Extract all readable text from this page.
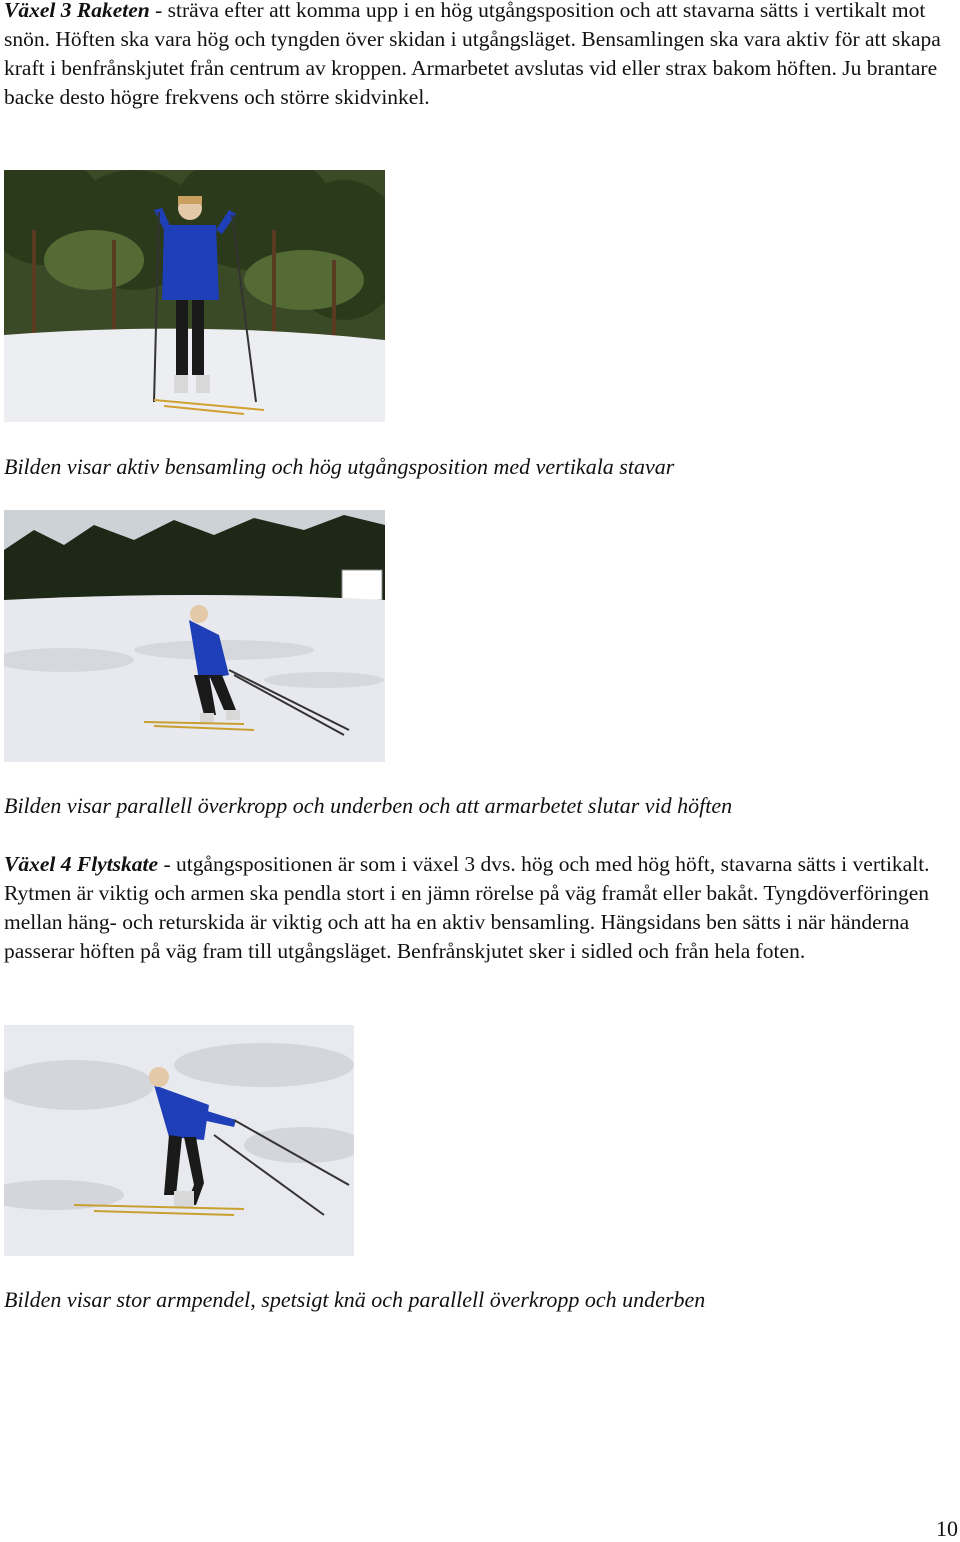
Växel 3 Raketen - sträva efter att komma upp i en hög utgångsposition och att stavarna sätts i vertikalt mot snön. Höften ska vara hög och tyngden över skidan i utgångsläget. Bensamlingen ska vara aktiv för att skapa kraft i benfrånskjutet från centrum av kroppen. Armarbetet avslutas vid eller strax bakom höften. Ju brantare backe desto högre frekvens och större skidvinkel.

Bilden visar aktiv bensamling och hög utgångsposition med vertikala stavar

Bilden visar parallell överkropp och underben och att armarbetet slutar vid höften

Växel 4 Flytskate - utgångspositionen är som i växel 3 dvs. hög och med hög höft, stavarna sätts i vertikalt. Rytmen är viktig och armen ska pendla stort i en jämn rörelse på väg framåt eller bakåt. Tyngdöverföringen mellan häng- och returskida är viktig och att ha en aktiv bensamling. Hängsidans ben sätts i när händerna passerar höften på väg fram till utgångsläget. Benfrånskjutet sker i sidled och från hela foten.

Bilden visar stor armpendel, spetsigt knä och parallell överkropp och underben

10
